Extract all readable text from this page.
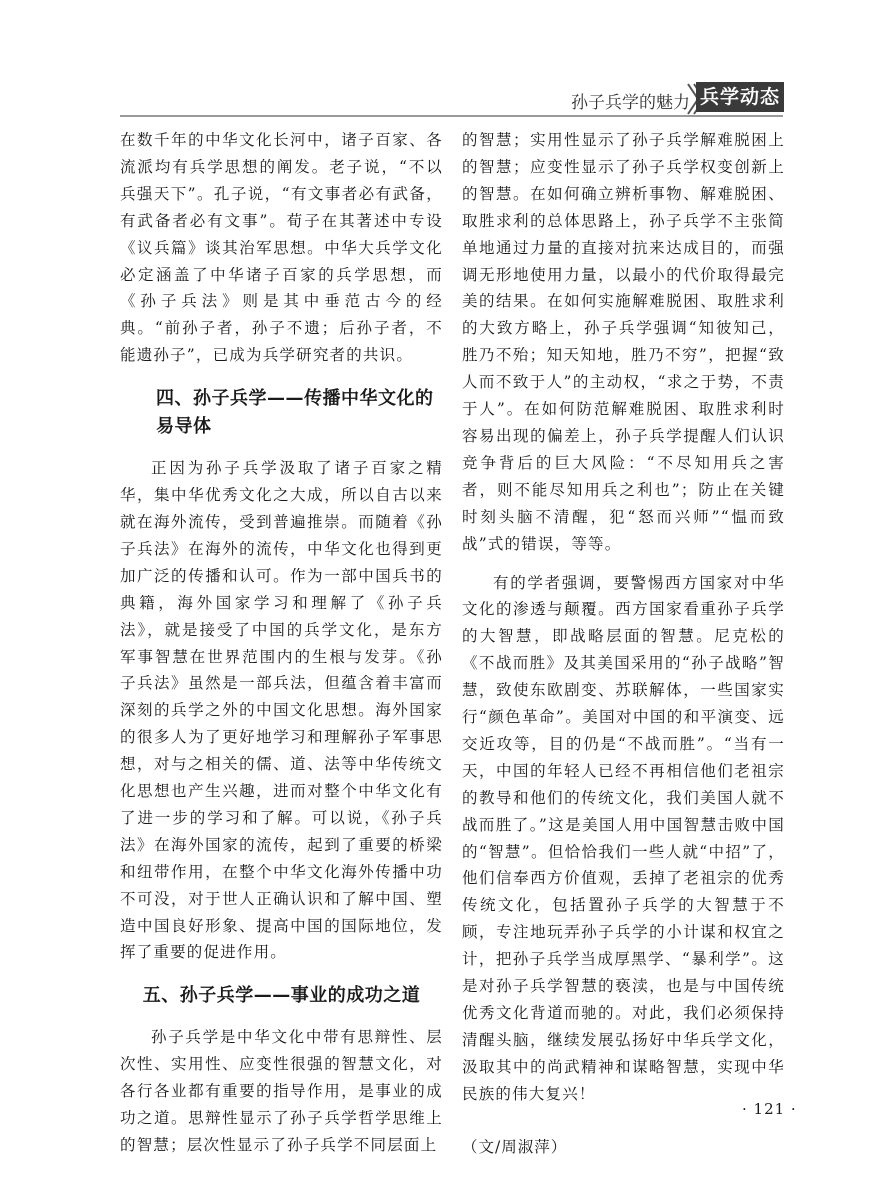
孙子兵学的魅力 兵学动态

在数千年的中华文化长河中，诸子百家、各流派均有兵学思想的阐发。老子说，“不以兵强天下”。孔子说，“有文事者必有武备，有武备者必有文事”。荀子在其著述中专设《议兵篇》谈其治军思想。中华大兵学文化必定涵盖了中华诸子百家的兵学思想，而《孙子兵法》则是其中垂范古今的经典。“前孙子者，孙子不遗；后孙子者，不能遗孙子”，已成为兵学研究者的共识。

四、孙子兵学——传播中华文化的易导体

正因为孙子兵学汲取了诸子百家之精华，集中华优秀文化之大成，所以自古以来就在海外流传，受到普遍推崇。而随着《孙子兵法》在海外的流传，中华文化也得到更加广泛的传播和认可。作为一部中国兵书的典籍，海外国家学习和理解了《孙子兵法》，就是接受了中国的兵学文化，是东方军事智慧在世界范围内的生根与发芽。《孙子兵法》虽然是一部兵法，但蕴含着丰富而深刻的兵学之外的中国文化思想。海外国家的很多人为了更好地学习和理解孙子军事思想，对与之相关的儒、道、法等中华传统文化思想也产生兴趣，进而对整个中华文化有了进一步的学习和了解。可以说，《孙子兵法》在海外国家的流传，起到了重要的桥梁和纽带作用，在整个中华文化海外传播中功不可没，对于世人正确认识和了解中国、塑造中国良好形象、提高中国的国际地位，发挥了重要的促进作用。

五、孙子兵学——事业的成功之道

孙子兵学是中华文化中带有思辩性、层次性、实用性、应变性很强的智慧文化，对各行各业都有重要的指导作用，是事业的成功之道。思辩性显示了孙子兵学哲学思维上的智慧；层次性显示了孙子兵学不同层面上

的智慧；实用性显示了孙子兵学解难脱困上的智慧；应变性显示了孙子兵学权变创新上的智慧。在如何确立辨析事物、解难脱困、取胜求利的总体思路上，孙子兵学不主张简单地通过力量的直接对抗来达成目的，而强调无形地使用力量，以最小的代价取得最完美的结果。在如何实施解难脱困、取胜求利的大致方略上，孙子兵学强调“知彼知己，胜乃不殆；知天知地，胜乃不穷”，把握“致人而不致于人”的主动权，“求之于势，不责于人”。在如何防范解难脱困、取胜求利时容易出现的偏差上，孙子兵学提醒人们认识竞争背后的巨大风险：“不尽知用兵之害者，则不能尽知用兵之利也”；防止在关键时刻头脑不清醒，犯“怒而兴师”“愠而致战”式的错误，等等。

有的学者强调，要警惕西方国家对中华文化的渗透与颠覆。西方国家看重孙子兵学的大智慧，即战略层面的智慧。尼克松的《不战而胜》及其美国采用的“孙子战略”智慧，致使东欧剧变、苏联解体，一些国家实行“颜色革命”。美国对中国的和平演变、远交近攻等，目的仍是“不战而胜”。“当有一天，中国的年轻人已经不再相信他们老祖宗的教导和他们的传统文化，我们美国人就不战而胜了。”这是美国人用中国智慧击败中国的“智慧”。但恰恰我们一些人就“中招”了，他们信奉西方价值观，丢掉了老祖宗的优秀传统文化，包括置孙子兵学的大智慧于不顾，专注地玩弄孙子兵学的小计谋和权宜之计，把孙子兵学当成厚黑学、“暴利学”。这是对孙子兵学智慧的亵渎，也是与中国传统优秀文化背道而驰的。对此，我们必须保持清醒头脑，继续发展弘扬好中华兵学文化，汲取其中的尚武精神和谋略智慧，实现中华民族的伟大复兴！

（文/周淑萍）

· 121 ·
